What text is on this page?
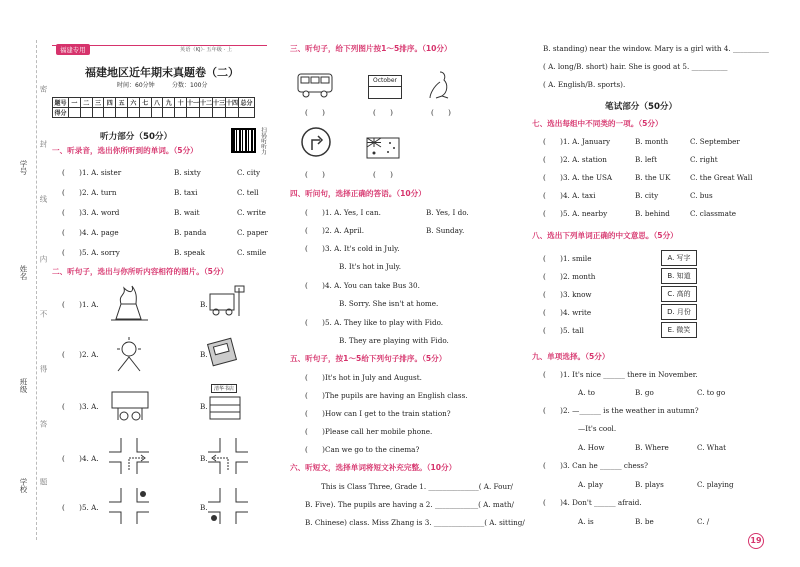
学号
姓名
班级
学校
密
封
线
内
不
得
答
题
福建专用	英语（KJ）· 五年级 · 上
福建地区近年期末真题卷（二）
时间：60分钟	分数：100分
题号	一	二	三	四	五	六	七	八	九	十	十一	十二	十三	十四	总分
得分															
扫码听听力
听力部分（50分）
一、听录音，选出你所听到的单词。（5分）
(　　)1. A. sister	B. sixty	C. city
(　　)2. A. turn	B. taxi	C. tell
(　　)3. A. word	B. wait	C. write
(　　)4. A. page	B. panda	C. paper
(　　)5. A. sorry	B. speak	C. smile
二、听句子，选出与你所听内容相符的图片。（5分）
(　　)1. A.	B.
(　　)2. A.	B.
(　　)3. A.	B.
清华书店
(　　)4. A.	B.
(　　)5. A.	B.
三、听句子，给下列图片按1～5排序。（10分）
October
(　　)	(　　)	(　　)
(　　)	(　　)
四、听问句，选择正确的答语。（10分）
(　　)1. A. Yes, I can.	B. Yes, I do.
(　　)2. A. April.	B. Sunday.
(　　)3. A. It's cold in July.
B. It's hot in July.
(　　)4. A. You can take Bus 30.
B. Sorry. She isn't at home.
(　　)5. A. They like to play with Fido.
B. They are playing with Fido.
五、听句子，按1～5给下列句子排序。（5分）
(　　)It's hot in July and August.
(　　)The pupils are having an English class.
(　　)How can I get to the train station?
(　　)Please call her mobile phone.
(　　)Can we go to the cinema?
六、听短文，选择单词将短文补充完整。（10分）
This is Class Three, Grade 1. ______________( A. Four/
B. Five). The pupils are having a 2. ____________( A. math/
B. Chinese) class. Miss Zhang is 3. ______________( A. sitting/
B. standing) near the window. Mary is a girl with 4. __________
( A. long/B. short) hair. She is good at 5. __________
( A. English/B. sports).
笔试部分（50分）
七、选出每组中不同类的一项。（5分）
(　　)1. A. January	B. month	C. September
(　　)2. A. station	B. left	C. right
(　　)3. A. the USA	B. the UK	C. the Great Wall
(　　)4. A. taxi	B. city	C. bus
(　　)5. A. nearby	B. behind	C. classmate
八、选出下列单词正确的中文意思。（5分）
(　　)1. smile
(　　)2. month
(　　)3. know
(　　)4. write
(　　)5. tall
A. 写字
B. 知道
C. 高的
D. 月份
E. 微笑
九、单项选择。（5分）
(　　)1. It's nice ______ there in November.
A. to	B. go	C. to go
(　　)2. —______ is the weather in autumn?
—It's cool.
A. How	B. Where	C. What
(　　)3. Can he ______ chess?
A. play	B. plays	C. playing
(　　)4. Don't ______ afraid.
A. is	B. be	C. /
19
